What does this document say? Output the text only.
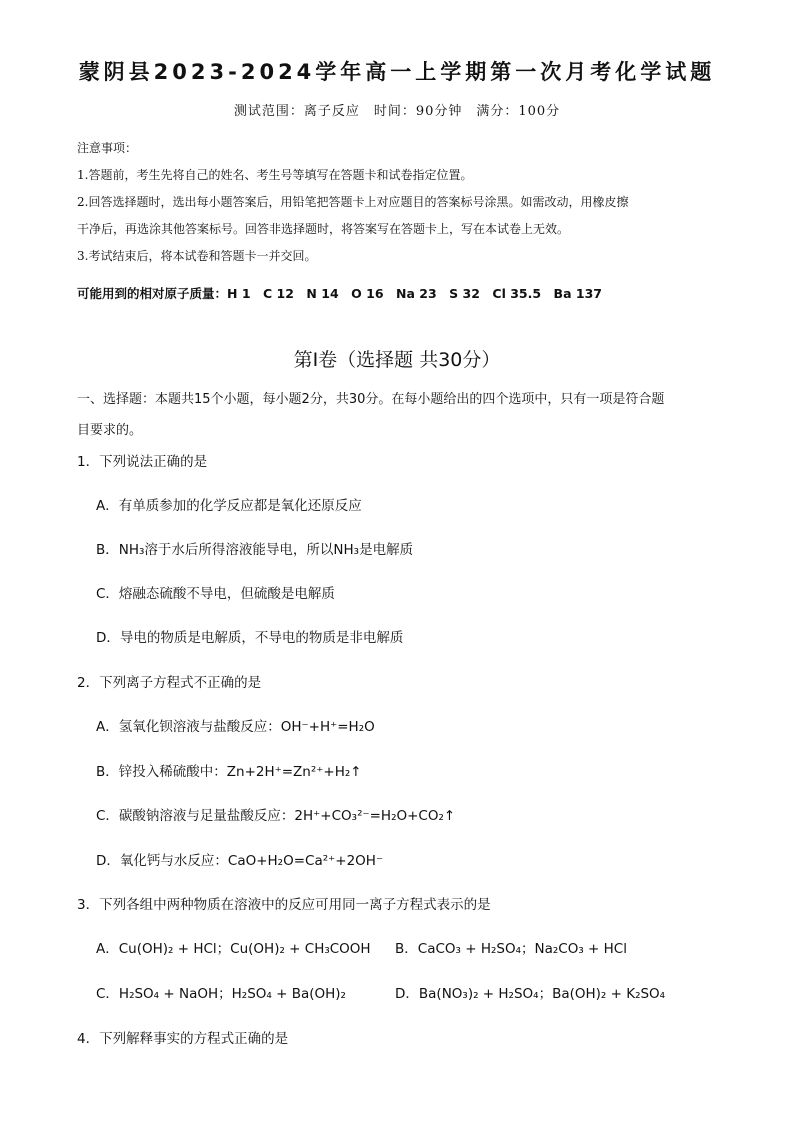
蒙阴县2023-2024学年高一上学期第一次月考化学试题
测试范围：离子反应　时间：90分钟　满分：100分
注意事项：
1.答题前，考生先将自己的姓名、考生号等填写在答题卡和试卷指定位置。
2.回答选择题时，选出每小题答案后，用铅笔把答题卡上对应题目的答案标号涂黑。如需改动，用橡皮擦
干净后，再选涂其他答案标号。回答非选择题时，将答案写在答题卡上，写在本试卷上无效。
3.考试结束后，将本试卷和答题卡一并交回。
可能用到的相对原子质量：H 1　C 12　N 14　O 16　Na 23　S 32　Cl 35.5　Ba 137
第Ⅰ卷（选择题 共30分）
一、选择题：本题共15个小题，每小题2分，共30分。在每小题给出的四个选项中，只有一项是符合题
目要求的。
1．下列说法正确的是
A．有单质参加的化学反应都是氧化还原反应
B．NH₃溶于水后所得溶液能导电，所以NH₃是电解质
C．熔融态硫酸不导电，但硫酸是电解质
D．导电的物质是电解质，不导电的物质是非电解质
2．下列离子方程式不正确的是
A．氢氧化钡溶液与盐酸反应：OH⁻+H⁺=H₂O
B．锌投入稀硫酸中：Zn+2H⁺=Zn²⁺+H₂↑
C．碳酸钠溶液与足量盐酸反应：2H⁺+CO₃²⁻=H₂O+CO₂↑
D．氧化钙与水反应：CaO+H₂O=Ca²⁺+2OH⁻
3．下列各组中两种物质在溶液中的反应可用同一离子方程式表示的是
A．Cu(OH)₂ + HCl；Cu(OH)₂ + CH₃COOH B．CaCO₃ + H₂SO₄；Na₂CO₃ + HCl
C．H₂SO₄ + NaOH；H₂SO₄ + Ba(OH)₂	D．Ba(NO₃)₂ + H₂SO₄；Ba(OH)₂ + K₂SO₄
4．下列解释事实的方程式正确的是
